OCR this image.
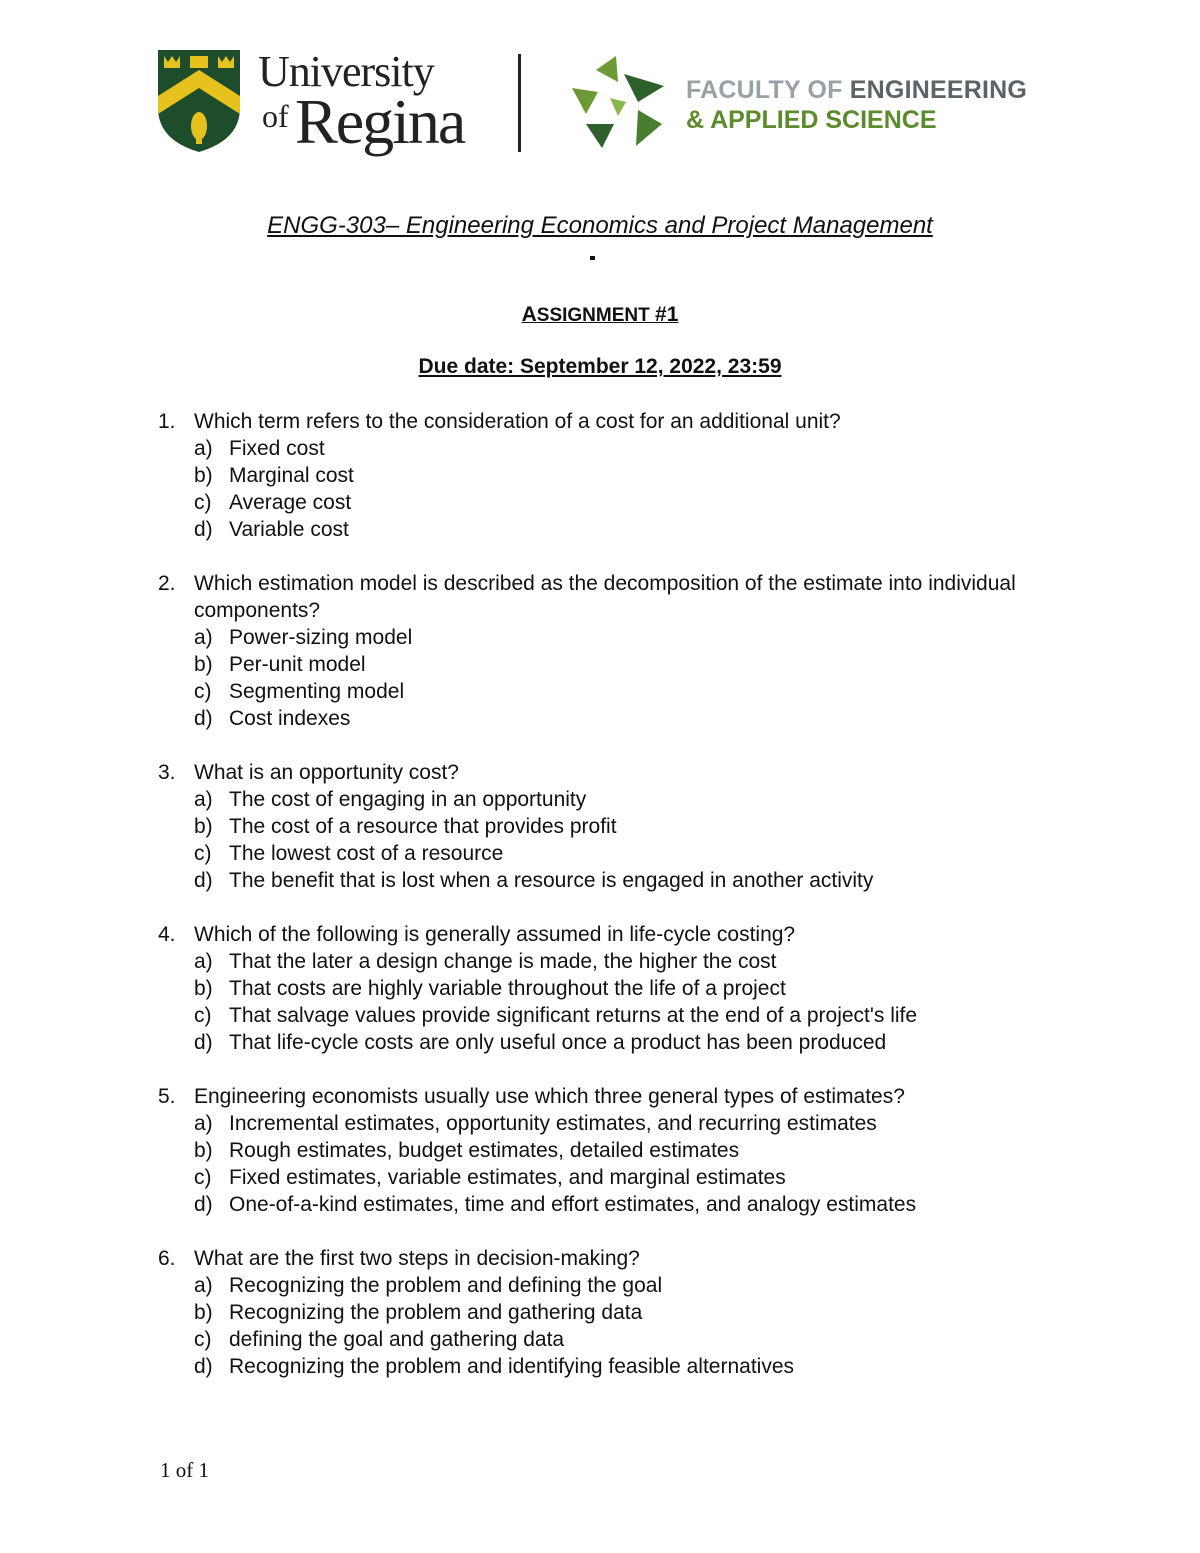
University
of Regina	FACULTY OF ENGINEERING
& APPLIED SCIENCE
ENGG-303– Engineering Economics and Project Management
ASSIGNMENT #1
Due date: September 12, 2022, 23:59
1. Which term refers to the consideration of a cost for an additional unit?
a) Fixed cost
b) Marginal cost
c) Average cost
d) Variable cost
2. Which estimation model is described as the decomposition of the estimate into individual components?
a) Power-sizing model
b) Per-unit model
c) Segmenting model
d) Cost indexes
3. What is an opportunity cost?
a) The cost of engaging in an opportunity
b) The cost of a resource that provides profit
c) The lowest cost of a resource
d) The benefit that is lost when a resource is engaged in another activity
4. Which of the following is generally assumed in life-cycle costing?
a) That the later a design change is made, the higher the cost
b) That costs are highly variable throughout the life of a project
c) That salvage values provide significant returns at the end of a project's life
d) That life-cycle costs are only useful once a product has been produced
5. Engineering economists usually use which three general types of estimates?
a) Incremental estimates, opportunity estimates, and recurring estimates
b) Rough estimates, budget estimates, detailed estimates
c) Fixed estimates, variable estimates, and marginal estimates
d) One-of-a-kind estimates, time and effort estimates, and analogy estimates
6. What are the first two steps in decision-making?
a) Recognizing the problem and defining the goal
b) Recognizing the problem and gathering data
c) defining the goal and gathering data
d) Recognizing the problem and identifying feasible alternatives
1 of 1
